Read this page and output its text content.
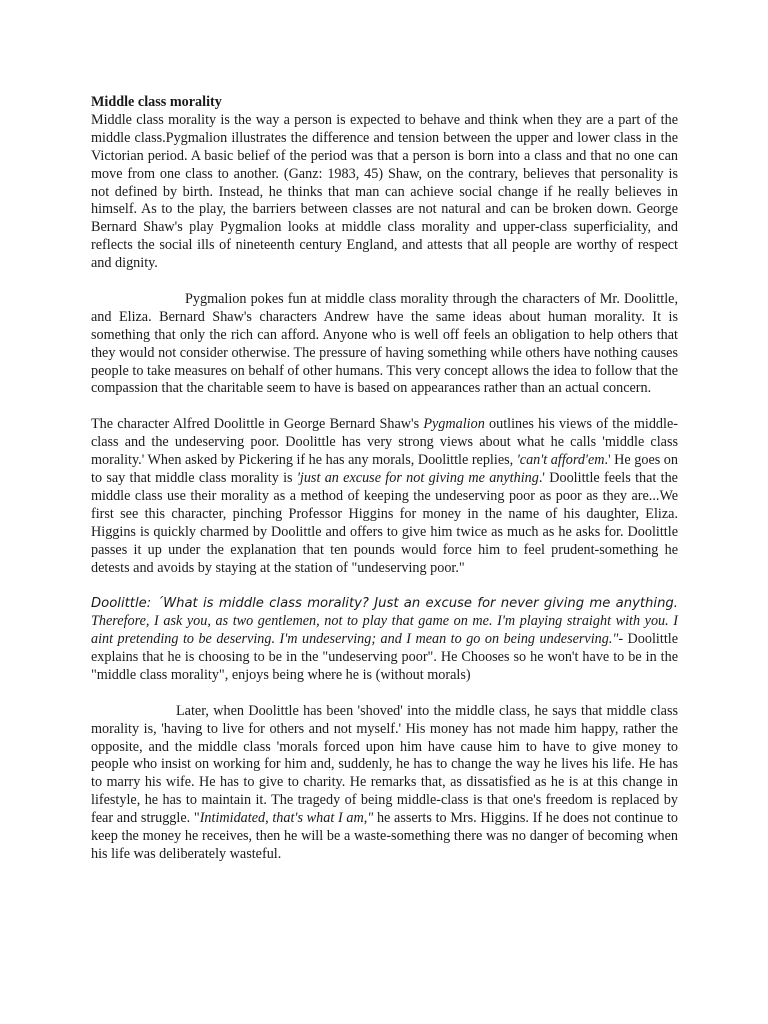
Middle class morality

Middle class morality is the way a person is expected to behave and think when they are a part of the middle class.Pygmalion illustrates the difference and tension between the upper and lower class in the Victorian period. A basic belief of the period was that a person is born into a class and that no one can move from one class to another. (Ganz: 1983, 45) Shaw, on the contrary, believes that personality is not defined by birth. Instead, he thinks that man can achieve social change if he really believes in himself. As to the play, the barriers between classes are not natural and can be broken down. George Bernard Shaw's play Pygmalion looks at middle class morality and upper-class superficiality, and reflects the social ills of nineteenth century England, and attests that all people are worthy of respect and dignity.

Pygmalion pokes fun at middle class morality through the characters of Mr. Doolittle, and Eliza. Bernard Shaw's characters Andrew have the same ideas about human morality. It is something that only the rich can afford. Anyone who is well off feels an obligation to help others that they would not consider otherwise. The pressure of having something while others have nothing causes people to take measures on behalf of other humans. This very concept allows the idea to follow that the compassion that the charitable seem to have is based on appearances rather than an actual concern.

The character Alfred Doolittle in George Bernard Shaw's Pygmalion outlines his views of the middle-class and the undeserving poor. Doolittle has very strong views about what he calls 'middle class morality.' When asked by Pickering if he has any morals, Doolittle replies, 'can't afford'em.' He goes on to say that middle class morality is 'just an excuse for not giving me anything.' Doolittle feels that the middle class use their morality as a method of keeping the undeserving poor as poor as they are...We first see this character, pinching Professor Higgins for money in the name of his daughter, Eliza. Higgins is quickly charmed by Doolittle and offers to give him twice as much as he asks for. Doolittle passes it up under the explanation that ten pounds would force him to feel prudent-something he detests and avoids by staying at the station of "undeserving poor."

Doolittle: ´What is middle class morality? Just an excuse for never giving me anything. Therefore, I ask you, as two gentlemen, not to play that game on me. I'm playing straight with you. I aint pretending to be deserving. I'm undeserving; and I mean to go on being undeserving."- Doolittle explains that he is choosing to be in the "undeserving poor". He Chooses so he won't have to be in the "middle class morality", enjoys being where he is (without morals)

Later, when Doolittle has been 'shoved' into the middle class, he says that middle class morality is, 'having to live for others and not myself.' His money has not made him happy, rather the opposite, and the middle class 'morals forced upon him have cause him to have to give money to people who insist on working for him and, suddenly, he has to change the way he lives his life. He has to marry his wife. He has to give to charity. He remarks that, as dissatisfied as he is at this change in lifestyle, he has to maintain it. The tragedy of being middle-class is that one's freedom is replaced by fear and struggle. "Intimidated, that's what I am," he asserts to Mrs. Higgins. If he does not continue to keep the money he receives, then he will be a waste-something there was no danger of becoming when his life was deliberately wasteful.
